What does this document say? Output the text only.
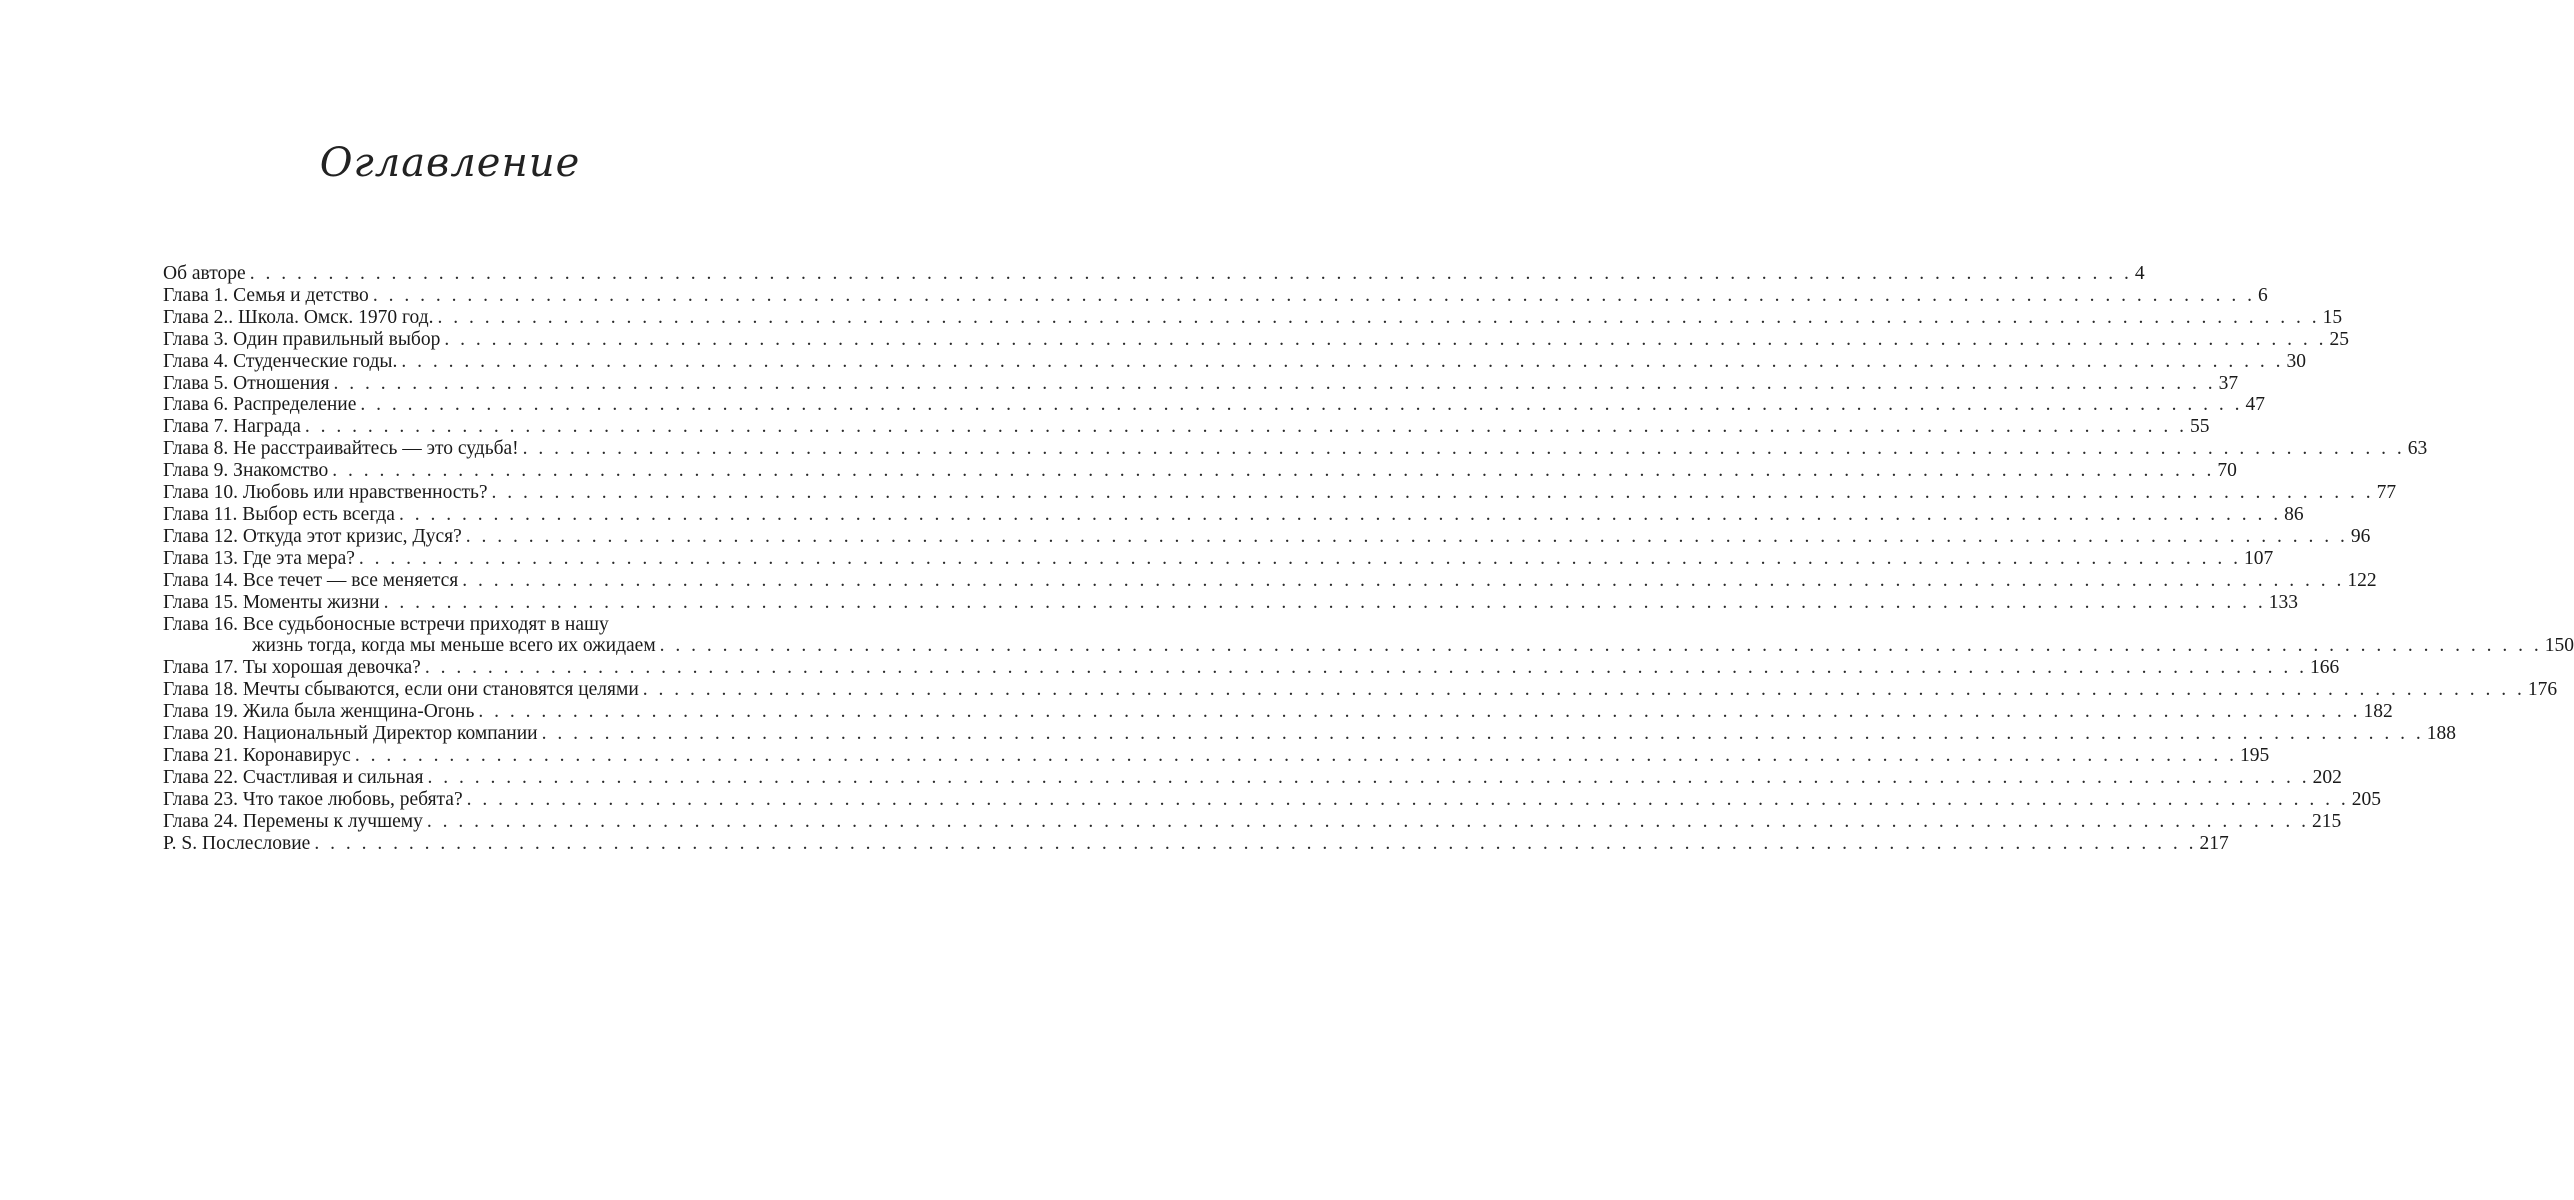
Оглавление
Об авторе . . . . . . . . . . . . . . . . . . . . . . . . . . . . . . . . . . . . . . . . . . . . . . . . . . . . . . . . . . . . . . . . . . . . . . . . . . . . . . . . . . . . . . . . . . . . . . . . . . . . . . . . . . . . . . . . . . . . . . . . 4
Глава 1. Семья и детство . . . . . . . . . . . . . . . . . . . . . . . . . . . . . . . . . . . . . . . . . . . . . . . . . . . . . . . . . . . . . . . . . . . . . . . . . . . . . . . . . . . . . . . . . . . . . . . . . . . . . . . . . . . . . . . . . . . . . . . . 6
Глава 2.. Школа. Омск. 1970 год. . . . . . . . . . . . . . . . . . . . . . . . . . . . . . . . . . . . . . . . . . . . . . . . . . . . . . . . . . . . . . . . . . . . . . . . . . . . . . . . . . . . . . . . . . . . . . . . . . . . . . . . . . . . . . . . . . . . . . . . . 15
Глава 3. Один правильный выбор . . . . . . . . . . . . . . . . . . . . . . . . . . . . . . . . . . . . . . . . . . . . . . . . . . . . . . . . . . . . . . . . . . . . . . . . . . . . . . . . . . . . . . . . . . . . . . . . . . . . . . . . . . . . . . . . . . . . . . . . 25
Глава 4. Студенческие годы. . . . . . . . . . . . . . . . . . . . . . . . . . . . . . . . . . . . . . . . . . . . . . . . . . . . . . . . . . . . . . . . . . . . . . . . . . . . . . . . . . . . . . . . . . . . . . . . . . . . . . . . . . . . . . . . . . . . . . . . . 30
Глава 5. Отношения . . . . . . . . . . . . . . . . . . . . . . . . . . . . . . . . . . . . . . . . . . . . . . . . . . . . . . . . . . . . . . . . . . . . . . . . . . . . . . . . . . . . . . . . . . . . . . . . . . . . . . . . . . . . . . . . . . . . . . . . 37
Глава 6. Распределение . . . . . . . . . . . . . . . . . . . . . . . . . . . . . . . . . . . . . . . . . . . . . . . . . . . . . . . . . . . . . . . . . . . . . . . . . . . . . . . . . . . . . . . . . . . . . . . . . . . . . . . . . . . . . . . . . . . . . . . . 47
Глава 7. Награда . . . . . . . . . . . . . . . . . . . . . . . . . . . . . . . . . . . . . . . . . . . . . . . . . . . . . . . . . . . . . . . . . . . . . . . . . . . . . . . . . . . . . . . . . . . . . . . . . . . . . . . . . . . . . . . . . . . . . . . . 55
Глава 8. Не расстраивайтесь — это судьба! . . . . . . . . . . . . . . . . . . . . . . . . . . . . . . . . . . . . . . . . . . . . . . . . . . . . . . . . . . . . . . . . . . . . . . . . . . . . . . . . . . . . . . . . . . . . . . . . . . . . . . . . . . . . . . . . . . . . . . . . 63
Глава 9. Знакомство . . . . . . . . . . . . . . . . . . . . . . . . . . . . . . . . . . . . . . . . . . . . . . . . . . . . . . . . . . . . . . . . . . . . . . . . . . . . . . . . . . . . . . . . . . . . . . . . . . . . . . . . . . . . . . . . . . . . . . . . 70
Глава 10. Любовь или нравственность? . . . . . . . . . . . . . . . . . . . . . . . . . . . . . . . . . . . . . . . . . . . . . . . . . . . . . . . . . . . . . . . . . . . . . . . . . . . . . . . . . . . . . . . . . . . . . . . . . . . . . . . . . . . . . . . . . . . . . . . . 77
Глава 11. Выбор есть всегда . . . . . . . . . . . . . . . . . . . . . . . . . . . . . . . . . . . . . . . . . . . . . . . . . . . . . . . . . . . . . . . . . . . . . . . . . . . . . . . . . . . . . . . . . . . . . . . . . . . . . . . . . . . . . . . . . . . . . . . . 86
Глава 12. Откуда этот кризис, Дуся? . . . . . . . . . . . . . . . . . . . . . . . . . . . . . . . . . . . . . . . . . . . . . . . . . . . . . . . . . . . . . . . . . . . . . . . . . . . . . . . . . . . . . . . . . . . . . . . . . . . . . . . . . . . . . . . . . . . . . . . . 96
Глава 13. Где эта мера? . . . . . . . . . . . . . . . . . . . . . . . . . . . . . . . . . . . . . . . . . . . . . . . . . . . . . . . . . . . . . . . . . . . . . . . . . . . . . . . . . . . . . . . . . . . . . . . . . . . . . . . . . . . . . . . . . . . . . . . . 107
Глава 14. Все течет — все меняется . . . . . . . . . . . . . . . . . . . . . . . . . . . . . . . . . . . . . . . . . . . . . . . . . . . . . . . . . . . . . . . . . . . . . . . . . . . . . . . . . . . . . . . . . . . . . . . . . . . . . . . . . . . . . . . . . . . . . . . . 122
Глава 15. Моменты жизни . . . . . . . . . . . . . . . . . . . . . . . . . . . . . . . . . . . . . . . . . . . . . . . . . . . . . . . . . . . . . . . . . . . . . . . . . . . . . . . . . . . . . . . . . . . . . . . . . . . . . . . . . . . . . . . . . . . . . . . . 133
Глава 16. Все судьбоносные встречи приходят в нашу
жизнь тогда, когда мы меньше всего их ожидаем . . . . . . . . . . . . . . . . . . . . . . . . . . . . . . . . . . . . . . . . . . . . . . . . . . . . . . . . . . . . . . . . . . . . . . . . . . . . . . . . . . . . . . . . . . . . . . . . . . . . . . . . . . . . . . . . . . . . . . . . 150
Глава 17. Ты хорошая девочка? . . . . . . . . . . . . . . . . . . . . . . . . . . . . . . . . . . . . . . . . . . . . . . . . . . . . . . . . . . . . . . . . . . . . . . . . . . . . . . . . . . . . . . . . . . . . . . . . . . . . . . . . . . . . . . . . . . . . . . . . 166
Глава 18. Мечты сбываются, если они становятся целями . . . . . . . . . . . . . . . . . . . . . . . . . . . . . . . . . . . . . . . . . . . . . . . . . . . . . . . . . . . . . . . . . . . . . . . . . . . . . . . . . . . . . . . . . . . . . . . . . . . . . . . . . . . . . . . . . . . . . . . . 176
Глава 19. Жила была женщина-Огонь . . . . . . . . . . . . . . . . . . . . . . . . . . . . . . . . . . . . . . . . . . . . . . . . . . . . . . . . . . . . . . . . . . . . . . . . . . . . . . . . . . . . . . . . . . . . . . . . . . . . . . . . . . . . . . . . . . . . . . . . 182
Глава 20. Национальный Директор компании . . . . . . . . . . . . . . . . . . . . . . . . . . . . . . . . . . . . . . . . . . . . . . . . . . . . . . . . . . . . . . . . . . . . . . . . . . . . . . . . . . . . . . . . . . . . . . . . . . . . . . . . . . . . . . . . . . . . . . . . 188
Глава 21. Коронавирус . . . . . . . . . . . . . . . . . . . . . . . . . . . . . . . . . . . . . . . . . . . . . . . . . . . . . . . . . . . . . . . . . . . . . . . . . . . . . . . . . . . . . . . . . . . . . . . . . . . . . . . . . . . . . . . . . . . . . . . . 195
Глава 22. Счастливая и сильная . . . . . . . . . . . . . . . . . . . . . . . . . . . . . . . . . . . . . . . . . . . . . . . . . . . . . . . . . . . . . . . . . . . . . . . . . . . . . . . . . . . . . . . . . . . . . . . . . . . . . . . . . . . . . . . . . . . . . . . . 202
Глава 23. Что такое любовь, ребята? . . . . . . . . . . . . . . . . . . . . . . . . . . . . . . . . . . . . . . . . . . . . . . . . . . . . . . . . . . . . . . . . . . . . . . . . . . . . . . . . . . . . . . . . . . . . . . . . . . . . . . . . . . . . . . . . . . . . . . . . 205
Глава 24. Перемены к лучшему . . . . . . . . . . . . . . . . . . . . . . . . . . . . . . . . . . . . . . . . . . . . . . . . . . . . . . . . . . . . . . . . . . . . . . . . . . . . . . . . . . . . . . . . . . . . . . . . . . . . . . . . . . . . . . . . . . . . . . . . 215
P. S. Послесловие . . . . . . . . . . . . . . . . . . . . . . . . . . . . . . . . . . . . . . . . . . . . . . . . . . . . . . . . . . . . . . . . . . . . . . . . . . . . . . . . . . . . . . . . . . . . . . . . . . . . . . . . . . . . . . . . . . . . . . . . 217
